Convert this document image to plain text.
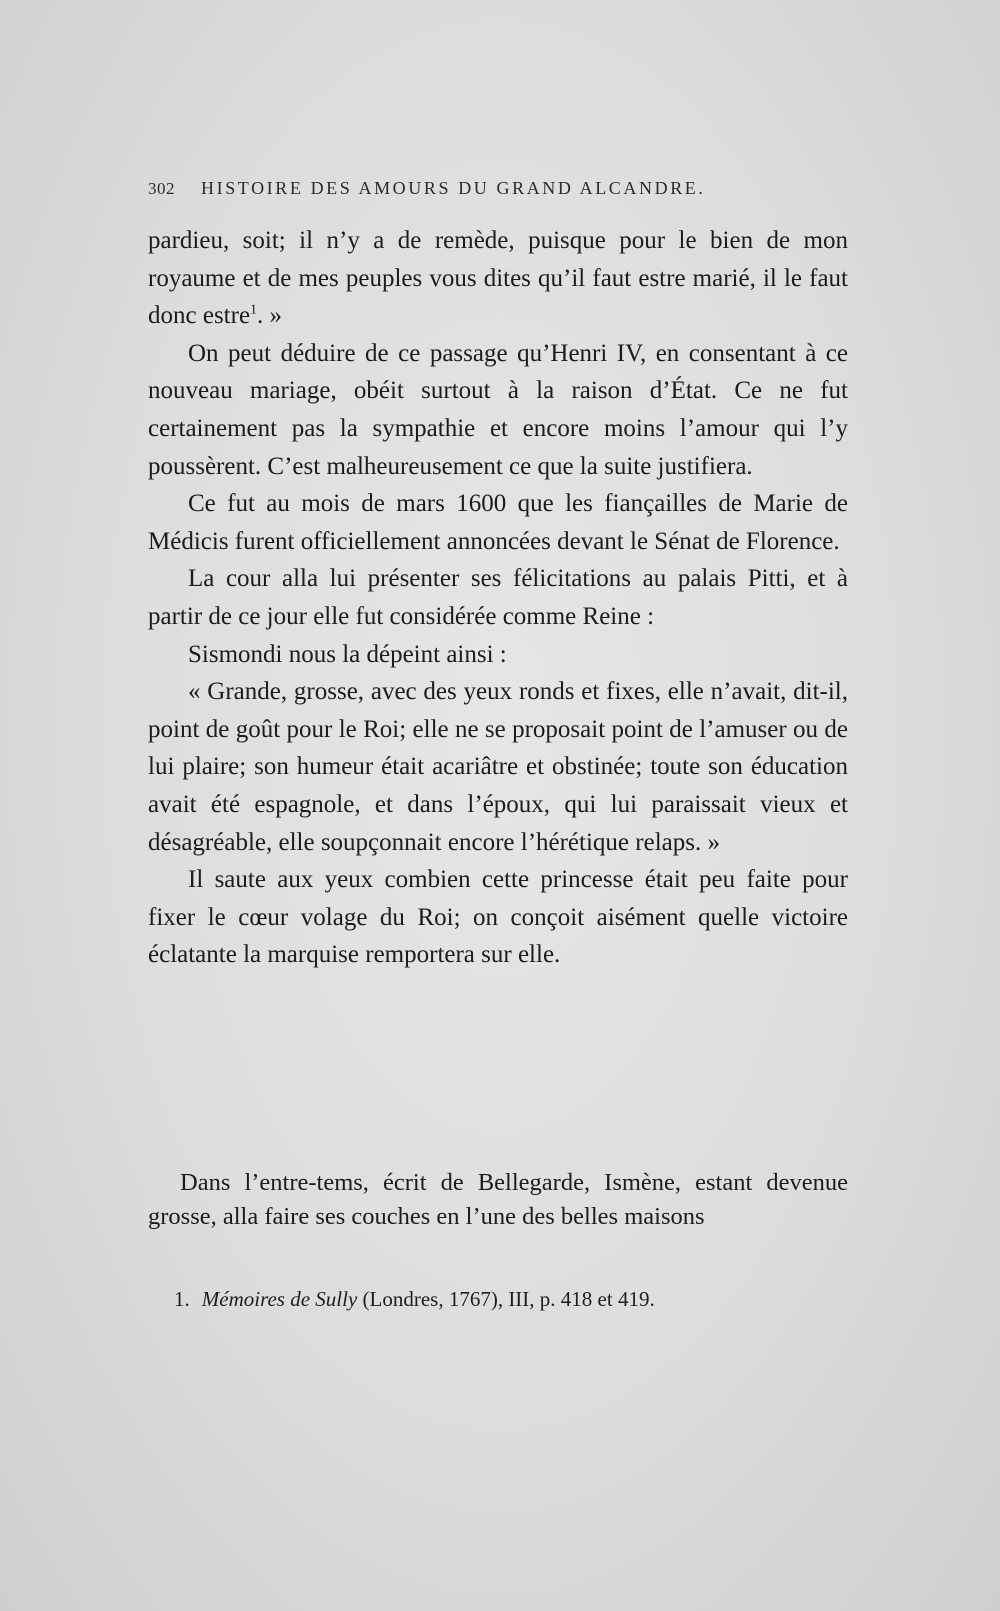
302 HISTOIRE DES AMOURS DU GRAND ALCANDRE.

pardieu, soit; il n’y a de remède, puisque pour le bien de mon royaume et de mes peuples vous dites qu’il faut estre marié, il le faut donc estre$^1$. »

On peut déduire de ce passage qu’Henri IV, en consentant à ce nouveau mariage, obéit surtout à la raison d’État. Ce ne fut certainement pas la sympathie et encore moins l’amour qui l’y poussèrent. C’est malheureusement ce que la suite justifiera.

Ce fut au mois de mars 1600 que les fiançailles de Marie de Médicis furent officiellement annoncées devant le Sénat de Florence.

La cour alla lui présenter ses félicitations au palais Pitti, et à partir de ce jour elle fut considérée comme Reine :

Sismondi nous la dépeint ainsi :

« Grande, grosse, avec des yeux ronds et fixes, elle n’avait, dit-il, point de goût pour le Roi; elle ne se proposait point de l’amuser ou de lui plaire; son humeur était acariâtre et obstinée; toute son éducation avait été espagnole, et dans l’époux, qui lui paraissait vieux et désagréable, elle soupçonnait encore l’hérétique relaps. »

Il saute aux yeux combien cette princesse était peu faite pour fixer le cœur volage du Roi; on conçoit aisément quelle victoire éclatante la marquise remportera sur elle.

Dans l’entre-tems, écrit de Bellegarde, Ismène, estant devenue grosse, alla faire ses couches en l’une des belles maisons

1. Mémoires de Sully (Londres, 1767), III, p. 418 et 419.
